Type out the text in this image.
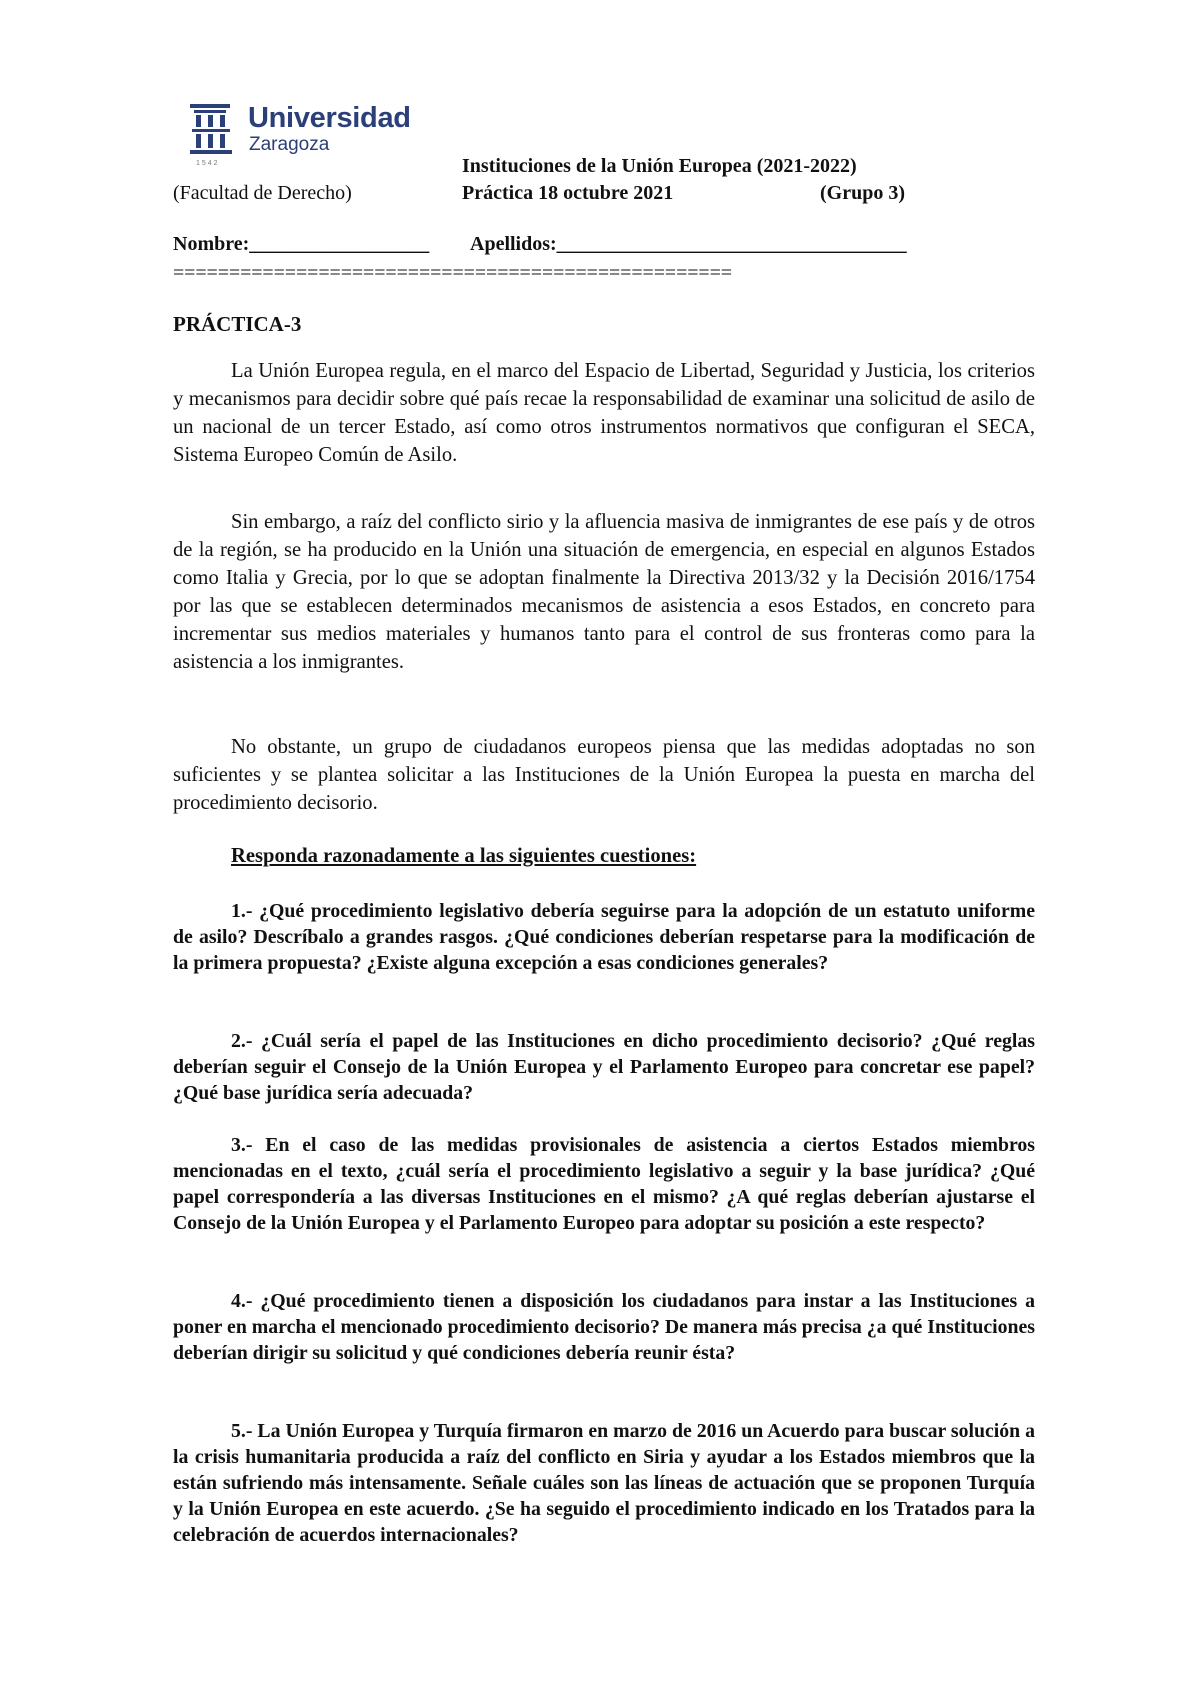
Universidad
Zaragoza
1542	Instituciones de la Unión Europea (2021-2022)
(Facultad de Derecho)	Práctica 18 octubre 2021	(Grupo 3)
Nombre:__________________ Apellidos:___________________________________
==================================================
PRÁCTICA-3

La Unión Europea regula, en el marco del Espacio de Libertad, Seguridad y Justicia, los criterios y mecanismos para decidir sobre qué país recae la responsabilidad de examinar una solicitud de asilo de un nacional de un tercer Estado, así como otros instrumentos normativos que configuran el SECA, Sistema Europeo Común de Asilo.

Sin embargo, a raíz del conflicto sirio y la afluencia masiva de inmigrantes de ese país y de otros de la región, se ha producido en la Unión una situación de emergencia, en especial en algunos Estados como Italia y Grecia, por lo que se adoptan finalmente la Directiva 2013/32 y la Decisión 2016/1754 por las que se establecen determinados mecanismos de asistencia a esos Estados, en concreto para incrementar sus medios materiales y humanos tanto para el control de sus fronteras como para la asistencia a los inmigrantes.

No obstante, un grupo de ciudadanos europeos piensa que las medidas adoptadas no son suficientes y se plantea solicitar a las Instituciones de la Unión Europea la puesta en marcha del procedimiento decisorio.

Responda razonadamente a las siguientes cuestiones:

1.- ¿Qué procedimiento legislativo debería seguirse para la adopción de un estatuto uniforme de asilo? Descríbalo a grandes rasgos. ¿Qué condiciones deberían respetarse para la modificación de la primera propuesta? ¿Existe alguna excepción a esas condiciones generales?

2.- ¿Cuál sería el papel de las Instituciones en dicho procedimiento decisorio? ¿Qué reglas deberían seguir el Consejo de la Unión Europea y el Parlamento Europeo para concretar ese papel? ¿Qué base jurídica sería adecuada?

3.- En el caso de las medidas provisionales de asistencia a ciertos Estados miembros mencionadas en el texto, ¿cuál sería el procedimiento legislativo a seguir y la base jurídica? ¿Qué papel correspondería a las diversas Instituciones en el mismo? ¿A qué reglas deberían ajustarse el Consejo de la Unión Europea y el Parlamento Europeo para adoptar su posición a este respecto?

4.- ¿Qué procedimiento tienen a disposición los ciudadanos para instar a las Instituciones a poner en marcha el mencionado procedimiento decisorio? De manera más precisa ¿a qué Instituciones deberían dirigir su solicitud y qué condiciones debería reunir ésta?

5.- La Unión Europea y Turquía firmaron en marzo de 2016 un Acuerdo para buscar solución a la crisis humanitaria producida a raíz del conflicto en Siria y ayudar a los Estados miembros que la están sufriendo más intensamente. Señale cuáles son las líneas de actuación que se proponen Turquía y la Unión Europea en este acuerdo. ¿Se ha seguido el procedimiento indicado en los Tratados para la celebración de acuerdos internacionales?
